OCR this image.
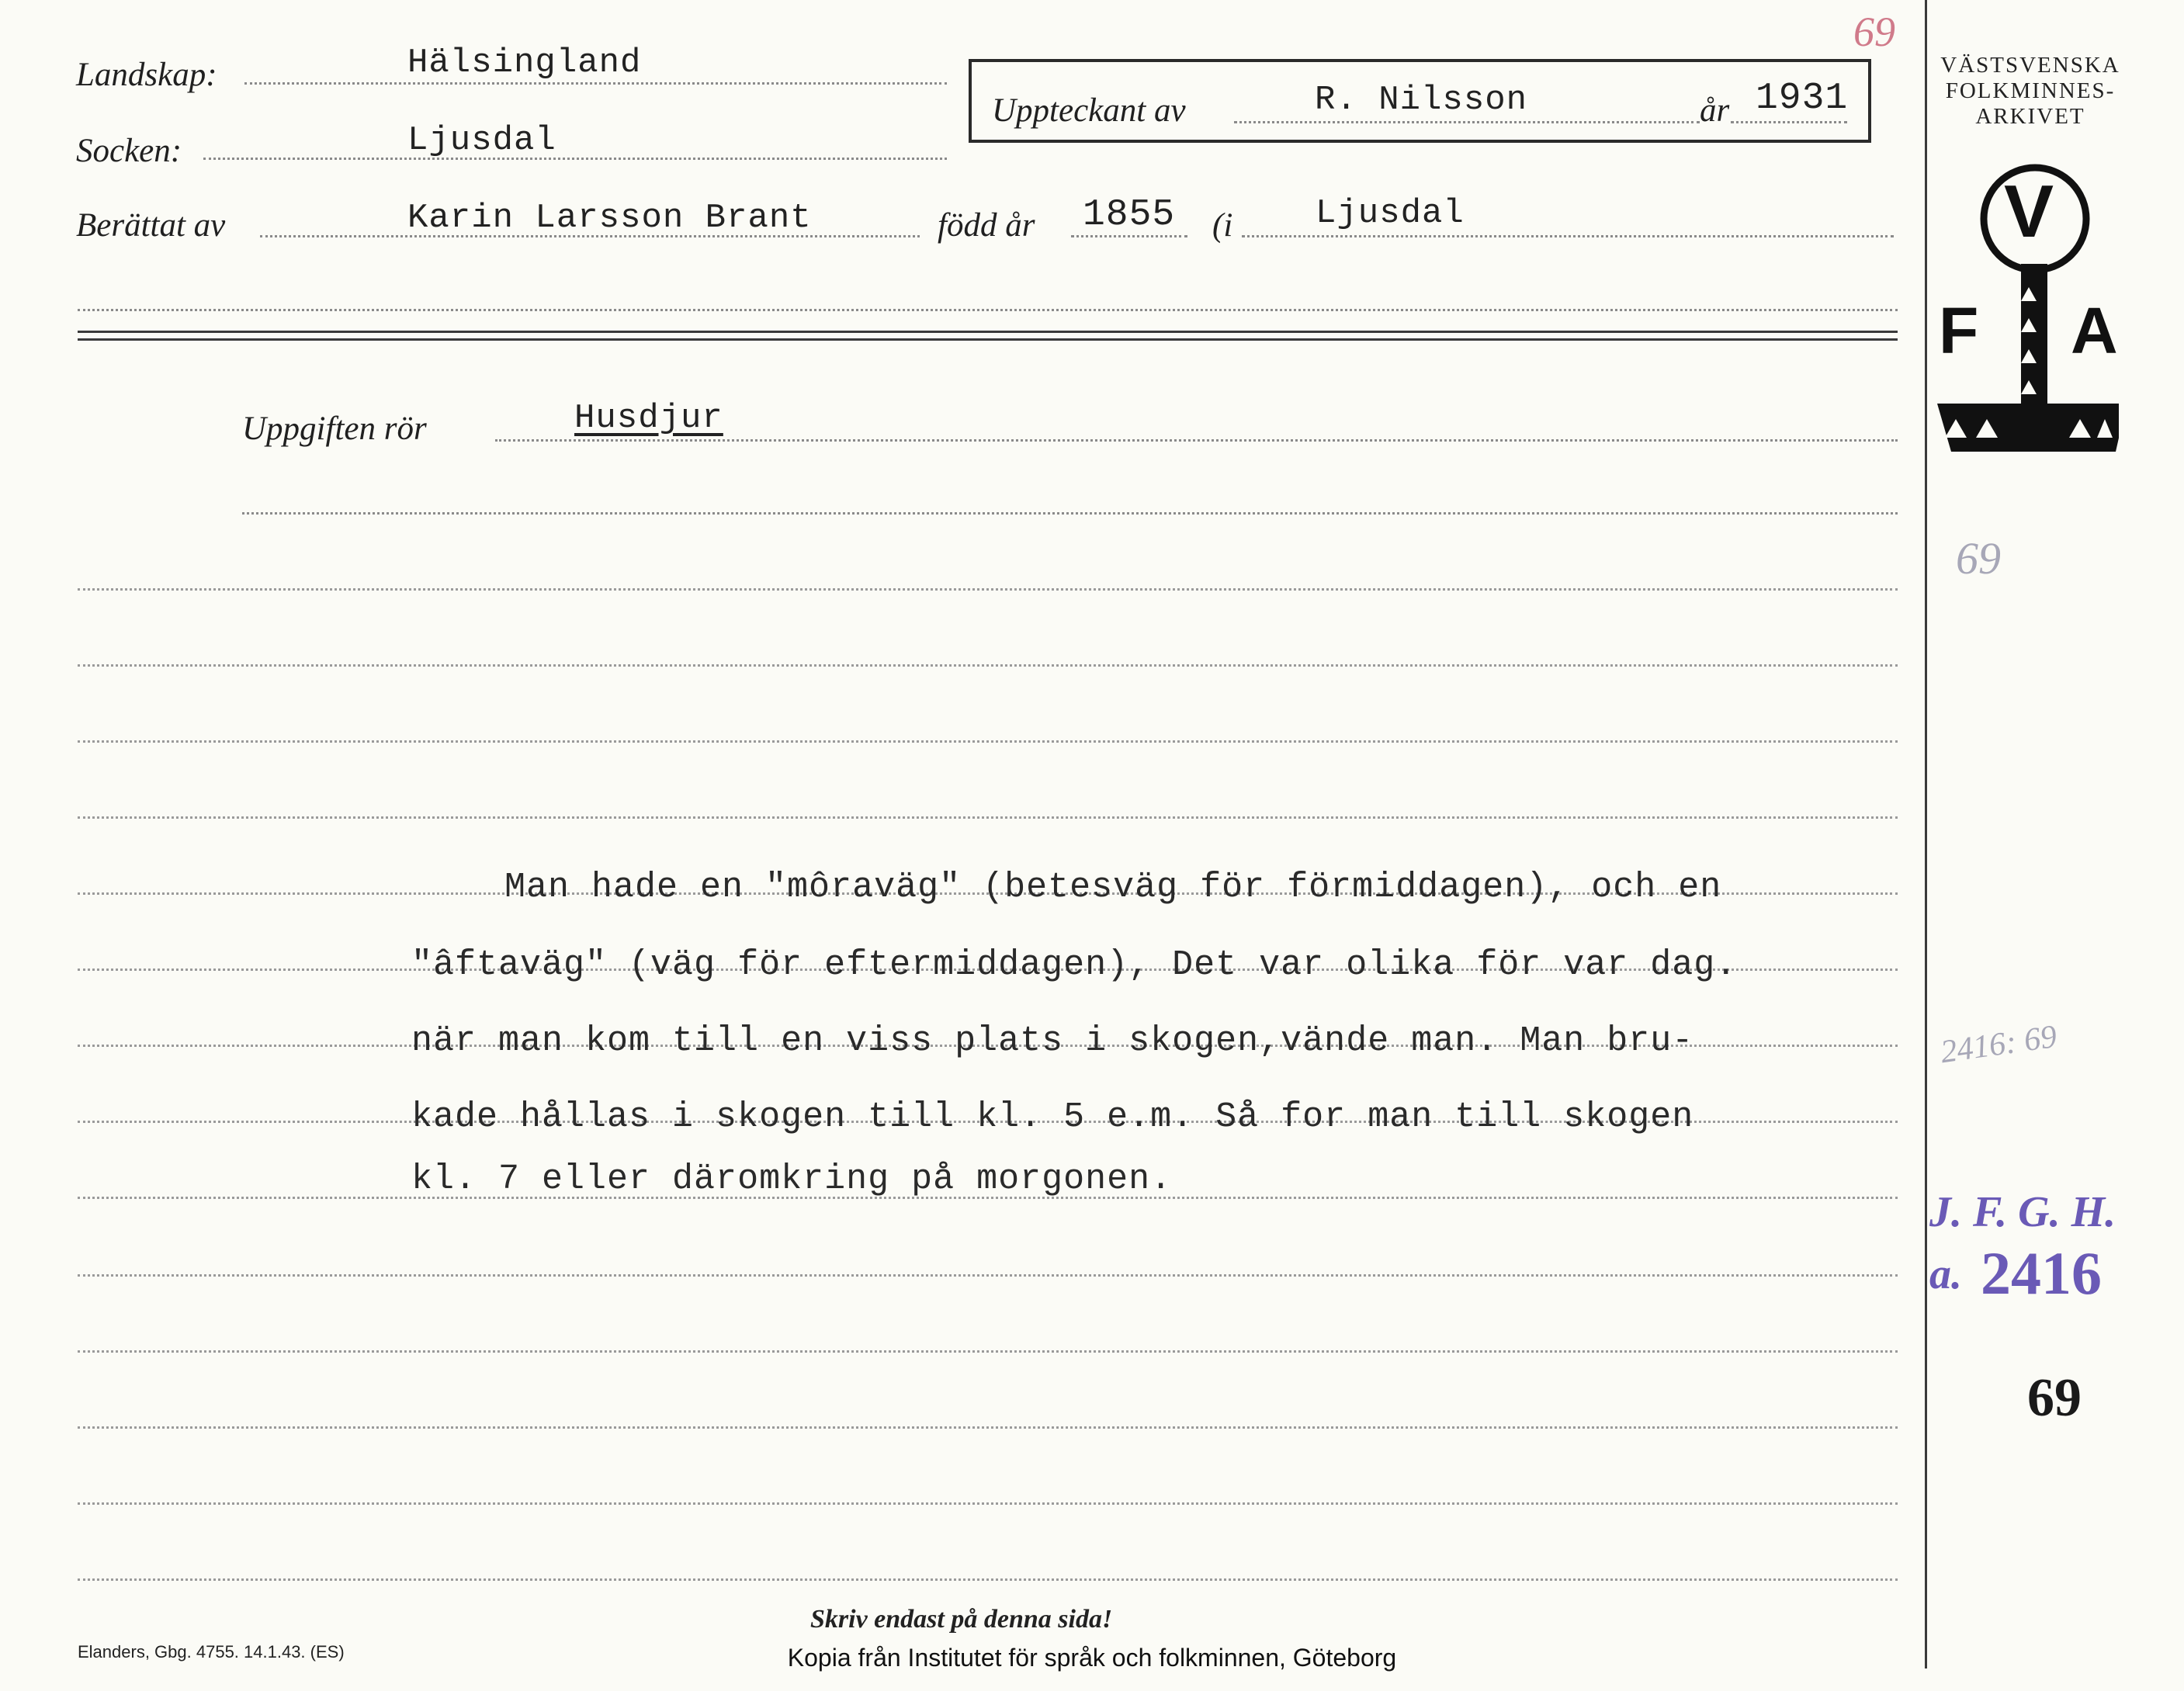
Landskap:	Hälsingland
Socken:	Ljusdal
Berättat av	Karin Larsson Brant	född år 1855 (i Ljusdal
Uppteckant av	R. Nilsson	år 1931
Uppgiften rör	Husdjur
Man hade en "môraväg" (betesväg för förmiddagen), och en
"âftaväg" (väg för eftermiddagen), Det var olika för var dag.
när man kom till en viss plats i skogen,vände man. Man bru-
kade hållas i skogen till kl. 5 e.m. Så for man till skogen
kl. 7 eller däromkring på morgonen.
VÄSTSVENSKA
FOLKMINNES-
ARKIVET
V
F A
69
2416: 69
J. F. G. H.
a. 2416
69
69
Skriv endast på denna sida!
Elanders, Gbg. 4755. 14.1.43. (ES)	Kopia från Institutet för språk och folkminnen, Göteborg
